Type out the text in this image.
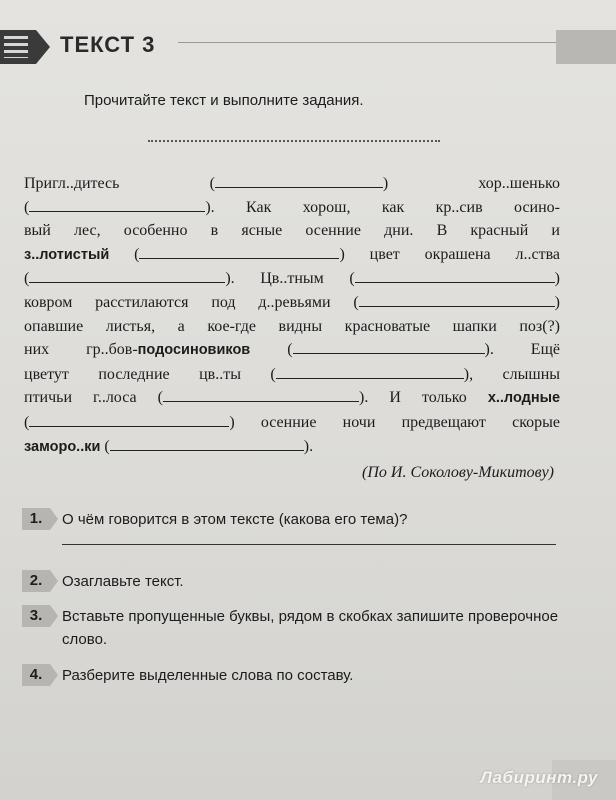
ТЕКСТ 3
Прочитайте текст и выполните задания.

Пригл..дитесь (	) хор..шенько

(	). Как хорош, как кр..сив осино-

вый лес, особенно в ясные осенние дни. В красный и

з..лотистый (	) цвет окрашена л..ства

(	). Цв..тным (	)

ковром расстилаются под д..ревьями (	)

опавшие листья, а кое-где видны красноватые шапки поз(?)

них гр..бов-подосиновиков (	). Ещё

цветут последние цв..ты (	), слышны

птичьи г..лоса (	). И только х..лодные

(	) осенние ночи предвещают скорые

заморо..ки (	).

(По И. Соколову-Микитову)
1.	О чём говорится в этом тексте (какова его тема)?
2.	Озаглавьте текст.
3.	Вставьте пропущенные буквы, рядом в скобках запишите проверочное слово.
4.	Разберите выделенные слова по составу.
Лабиринт.ру
